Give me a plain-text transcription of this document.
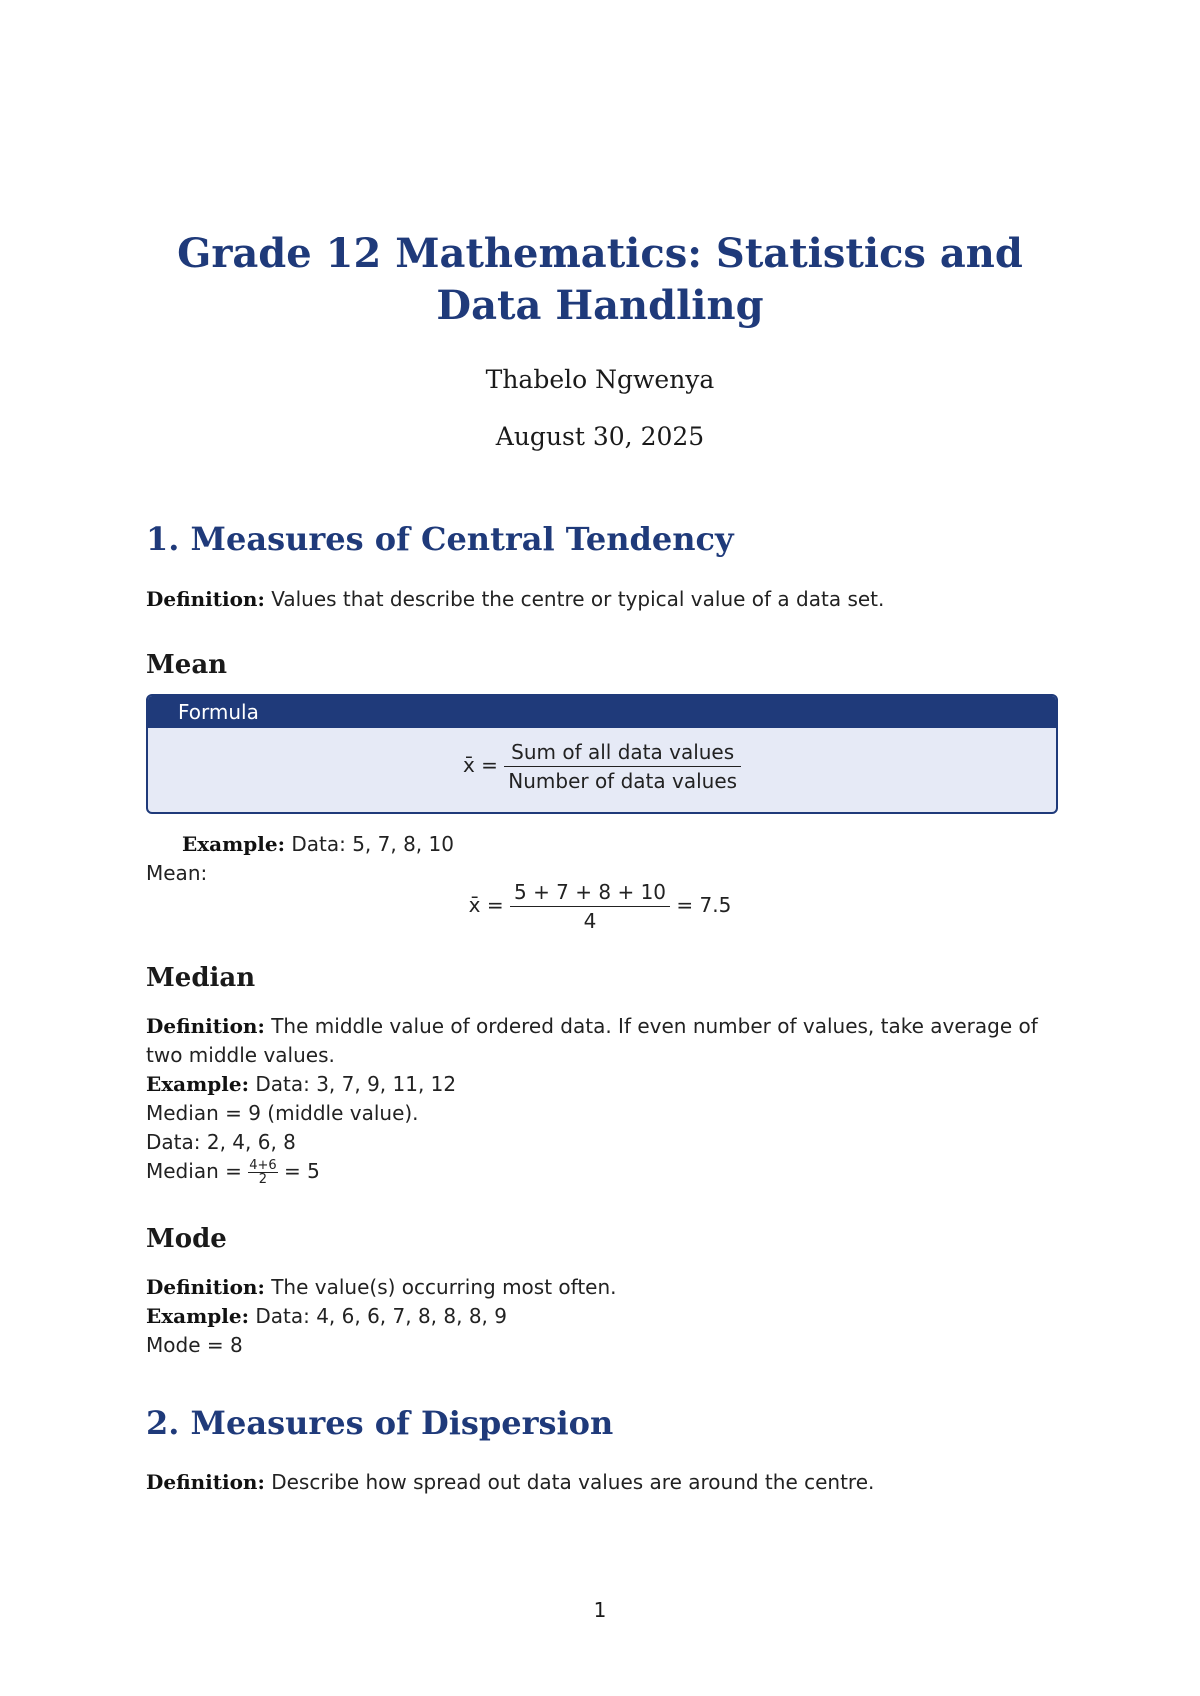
Grade 12 Mathematics: Statistics and Data Handling

Thabelo Ngwenya

August 30, 2025

1. Measures of Central Tendency

Definition: Values that describe the centre or typical value of a data set.

Mean
Formula
x̄ = $\frac{\text{Sum of all data values}}{\text{Number of data values}}$

Example: Data: 5, 7, 8, 10

Mean:

x̄ = $\frac{5 + 7 + 8 + 10}{4} = 7.5$
Median
Definition: The middle value of ordered data. If even number of values, take average of two middle values.
Example: Data: 3, 7, 9, 11, 12
Median = 9 (middle value).
Data: 2, 4, 6, 8
Median = $\frac{4+6}{2} = 5$
Mode
Definition: The value(s) occurring most often.
Example: Data: 4, 6, 6, 7, 8, 8, 8, 9
Mode = 8
2. Measures of Dispersion

Definition: Describe how spread out data values are around the centre.

1
